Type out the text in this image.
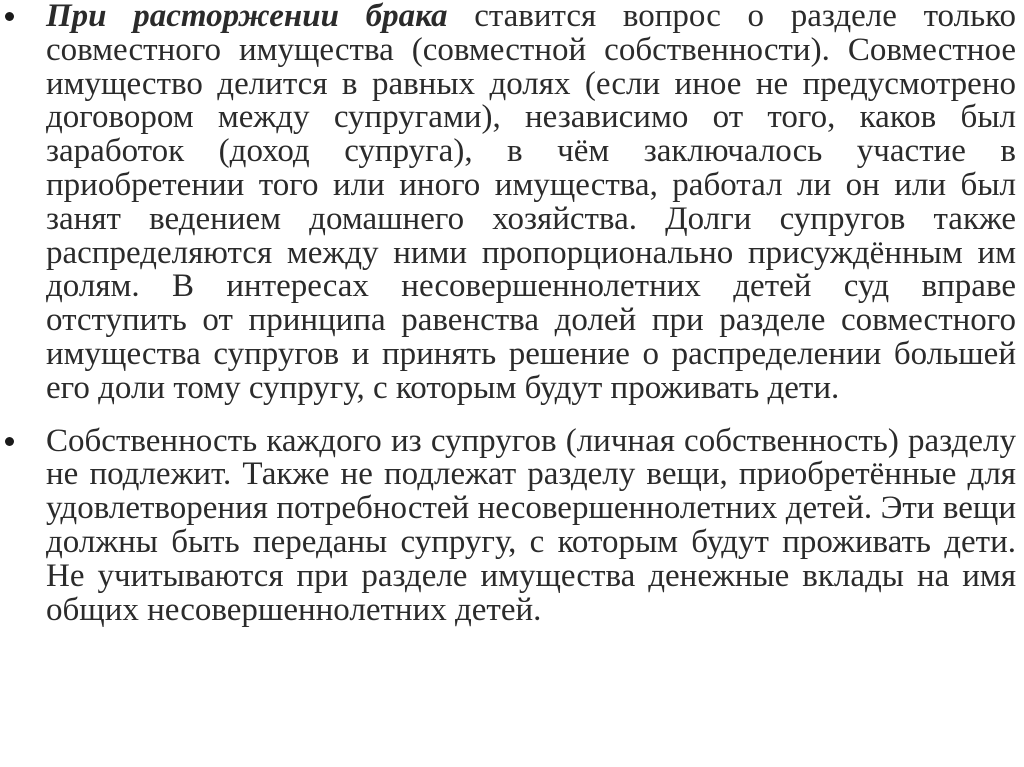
При расторжении брака ставится вопрос о разделе только совместного имущества (совместной собственности). Совместное имущество делится в равных долях (если иное не предусмотрено договором между супругами), независимо от того, каков был заработок (доход супруга), в чём заключалось участие в приобретении того или иного имущества, работал ли он или был занят ведением домашнего хозяйства. Долги супругов также распределяются между ними пропорционально присуждённым им долям. В интересах несовершеннолетних детей суд вправе отступить от принципа равенства долей при разделе совместного имущества супругов и принять решение о распределении большей его доли тому супругу, с которым будут проживать дети.

Собственность каждого из супругов (личная собственность) разделу не подлежит. Также не подлежат разделу вещи, приобретённые для удовлетворения потребностей несовершеннолетних детей. Эти вещи должны быть переданы супругу, с которым будут проживать дети. Не учитываются при разделе имущества денежные вклады на имя общих несовершеннолетних детей.
